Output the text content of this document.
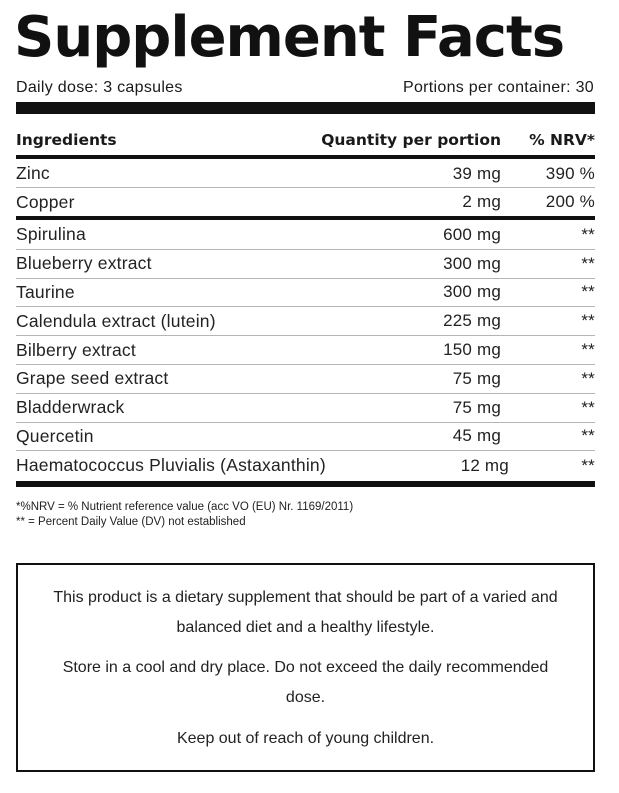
Supplement Facts
Daily dose: 3 capsules	Portions per container: 30
Ingredients	Quantity per portion	% NRV*
Zinc	39 mg	390 %
Copper	2 mg	200 %
Spirulina	600 mg	**
Blueberry extract	300 mg	**
Taurine	300 mg	**
Calendula extract (lutein)	225 mg	**
Bilberry extract	150 mg	**
Grape seed extract	75 mg	**
Bladderwrack	75 mg	**
Quercetin	45 mg	**
Haematococcus Pluvialis (Astaxanthin)	12 mg	**
*%NRV = % Nutrient reference value (acc VO (EU) Nr. 1169/2011)
** = Percent Daily Value (DV) not established

This product is a dietary supplement that should be part of a varied and balanced diet and a healthy lifestyle.

Store in a cool and dry place. Do not exceed the daily recommended dose.

Keep out of reach of young children.
